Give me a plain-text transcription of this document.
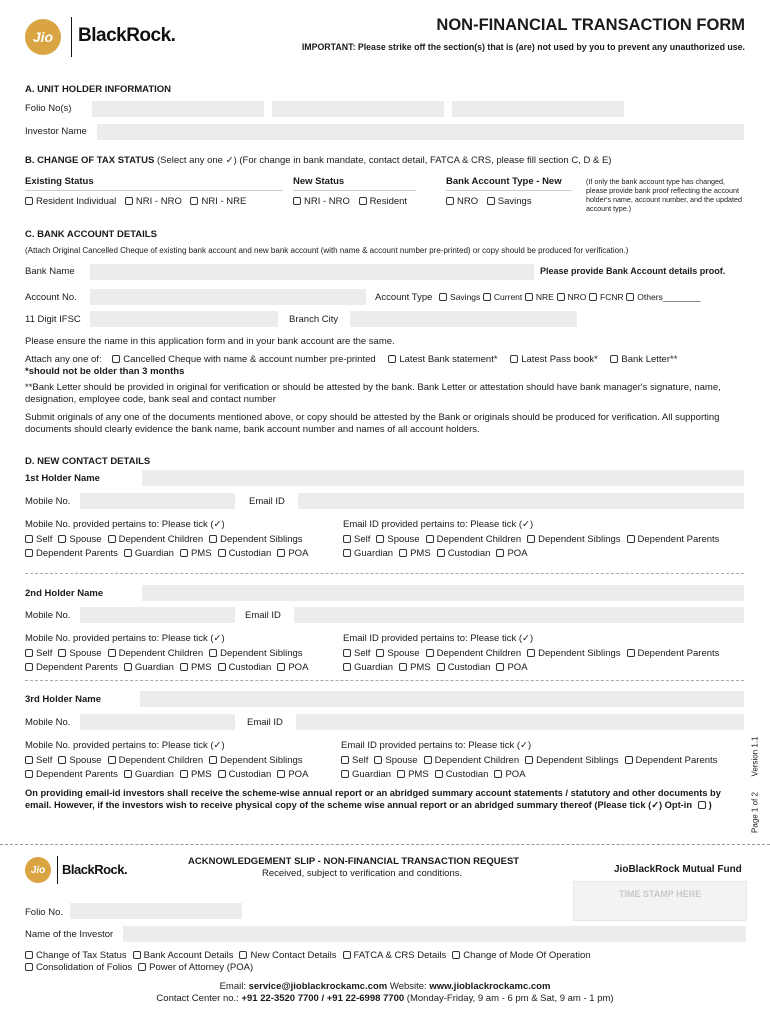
Jio	BlackRock.	NON-FINANCIAL TRANSACTION FORM
IMPORTANT: Please strike off the section(s) that is (are) not used by you to prevent any unauthorized use.
A. UNIT HOLDER INFORMATION
Folio No(s)
Investor Name
B. CHANGE OF TAX STATUS (Select any one ✓) (For change in bank mandate, contact detail, FATCA & CRS, please fill section C, D & E)
Existing Status	New Status	Bank Account Type - New
Resident Individual NRI - NRO NRI - NRE	NRI - NRO Resident	NRO Savings
(If only the bank account type has changed, please provide bank proof reflecting the account holder's name, account number, and the updated account type.)
C. BANK ACCOUNT DETAILS
(Attach Original Cancelled Cheque of existing bank account and new bank account (with name & account number pre-printed) or copy should be produced for verification.)
Bank Name	Please provide Bank Account details proof.
Account No.	Account Type Savings Current NRE NRO FCNR Others________
11 Digit IFSC	Branch City
Please ensure the name in this application form and in your bank account are the same.
Attach any one of: Cancelled Cheque with name & account number pre-printed Latest Bank statement* Latest Pass book* Bank Letter**
*should not be older than 3 months
**Bank Letter should be provided in original for verification or should be attested by the bank. Bank Letter or attestation should have bank manager's signature, name, designation, employee code, bank seal and contact number
Submit originals of any one of the documents mentioned above, or copy should be attested by the Bank or originals should be produced for verification. All supporting documents should clearly evidence the bank name, bank account number and names of all account holders.
D. NEW CONTACT DETAILS
1st Holder Name
Mobile No.	Email ID
Mobile No. provided pertains to: Please tick (✓)	Email ID provided pertains to: Please tick (✓)
Self Spouse Dependent Children Dependent Siblings
Dependent Parents Guardian PMS Custodian POA
Self Spouse Dependent Children Dependent Siblings Dependent Parents
Guardian PMS Custodian POA
2nd Holder Name
Mobile No.	Email ID
Mobile No. provided pertains to: Please tick (✓)	Email ID provided pertains to: Please tick (✓)
Self Spouse Dependent Children Dependent Siblings
Dependent Parents Guardian PMS Custodian POA
Self Spouse Dependent Children Dependent Siblings Dependent Parents
Guardian PMS Custodian POA
3rd Holder Name
Mobile No.	Email ID
Mobile No. provided pertains to: Please tick (✓)	Email ID provided pertains to: Please tick (✓)
Self Spouse Dependent Children Dependent Siblings
Dependent Parents Guardian PMS Custodian POA
Self Spouse Dependent Children Dependent Siblings Dependent Parents
Guardian PMS Custodian POA
On providing email-id investors shall receive the scheme-wise annual report or an abridged summary account statements / statutory and other documents by email. However, if the investors wish to receive physical copy of the scheme wise annual report or an abridged summary thereof (Please tick (✓) Opt-in )
Version 1.1
Page 1 of 2
Jio	BlackRock.
ACKNOWLEDGEMENT SLIP - NON-FINANCIAL TRANSACTION REQUEST
Received, subject to verification and conditions.	JioBlackRock Mutual Fund
TIME STAMP HERE
Folio No.
Name of the Investor
Change of Tax Status Bank Account Details New Contact Details FATCA & CRS Details Change of Mode Of Operation
Consolidation of Folios Power of Attorney (POA)
Email: service@jioblackrockamc.com Website: www.jioblackrockamc.com
Contact Center no.: +91 22-3520 7700 / +91 22-6998 7700 (Monday-Friday, 9 am - 6 pm & Sat, 9 am - 1 pm)
